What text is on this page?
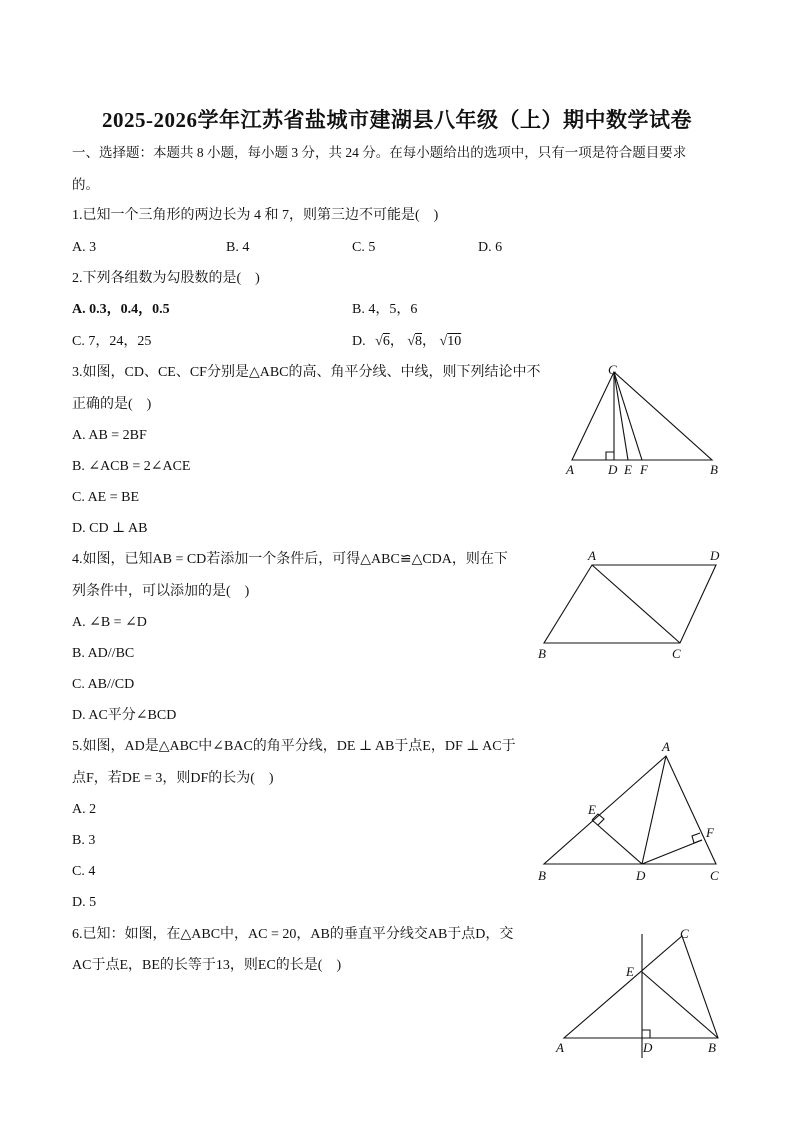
2025-2026学年江苏省盐城市建湖县八年级（上）期中数学试卷
一、选择题：本题共 8 小题，每小题 3 分，共 24 分。在每小题给出的选项中，只有一项是符合题目要求
的。
1.已知一个三角形的两边长为 4 和 7，则第三边不可能是(　)
A. 3	B. 4	C. 5	D. 6
2.下列各组数为勾股数的是(　)
A. 0.3，0.4，0.5	B. 4，5，6
C. 7，24，25	D. √6， √8， √10
3.如图，CD、CE、CF分别是△ABC的高、角平分线、中线，则下列结论中不
正确的是(　)
A. AB = 2BF
B. ∠ACB = 2∠ACE
C. AE = BE
D. CD ⊥ AB
C
A	D E F	B
4.如图，已知AB = CD若添加一个条件后，可得△ABC≌△CDA，则在下
列条件中，可以添加的是(　)
A. ∠B = ∠D
B. AD//BC
C. AB//CD
D. AC平分∠BCD
A	D
B	C
5.如图，AD是△ABC中∠BAC的角平分线，DE ⊥ AB于点E，DF ⊥ AC于
点F，若DE = 3，则DF的长为(　)
A. 2
B. 3
C. 4
D. 5
A
E
F
B	D	C
6.已知：如图，在△ABC中，AC = 20，AB的垂直平分线交AB于点D，交
AC于点E，BE的长等于13，则EC的长是(　)
C
E
A	D	B
